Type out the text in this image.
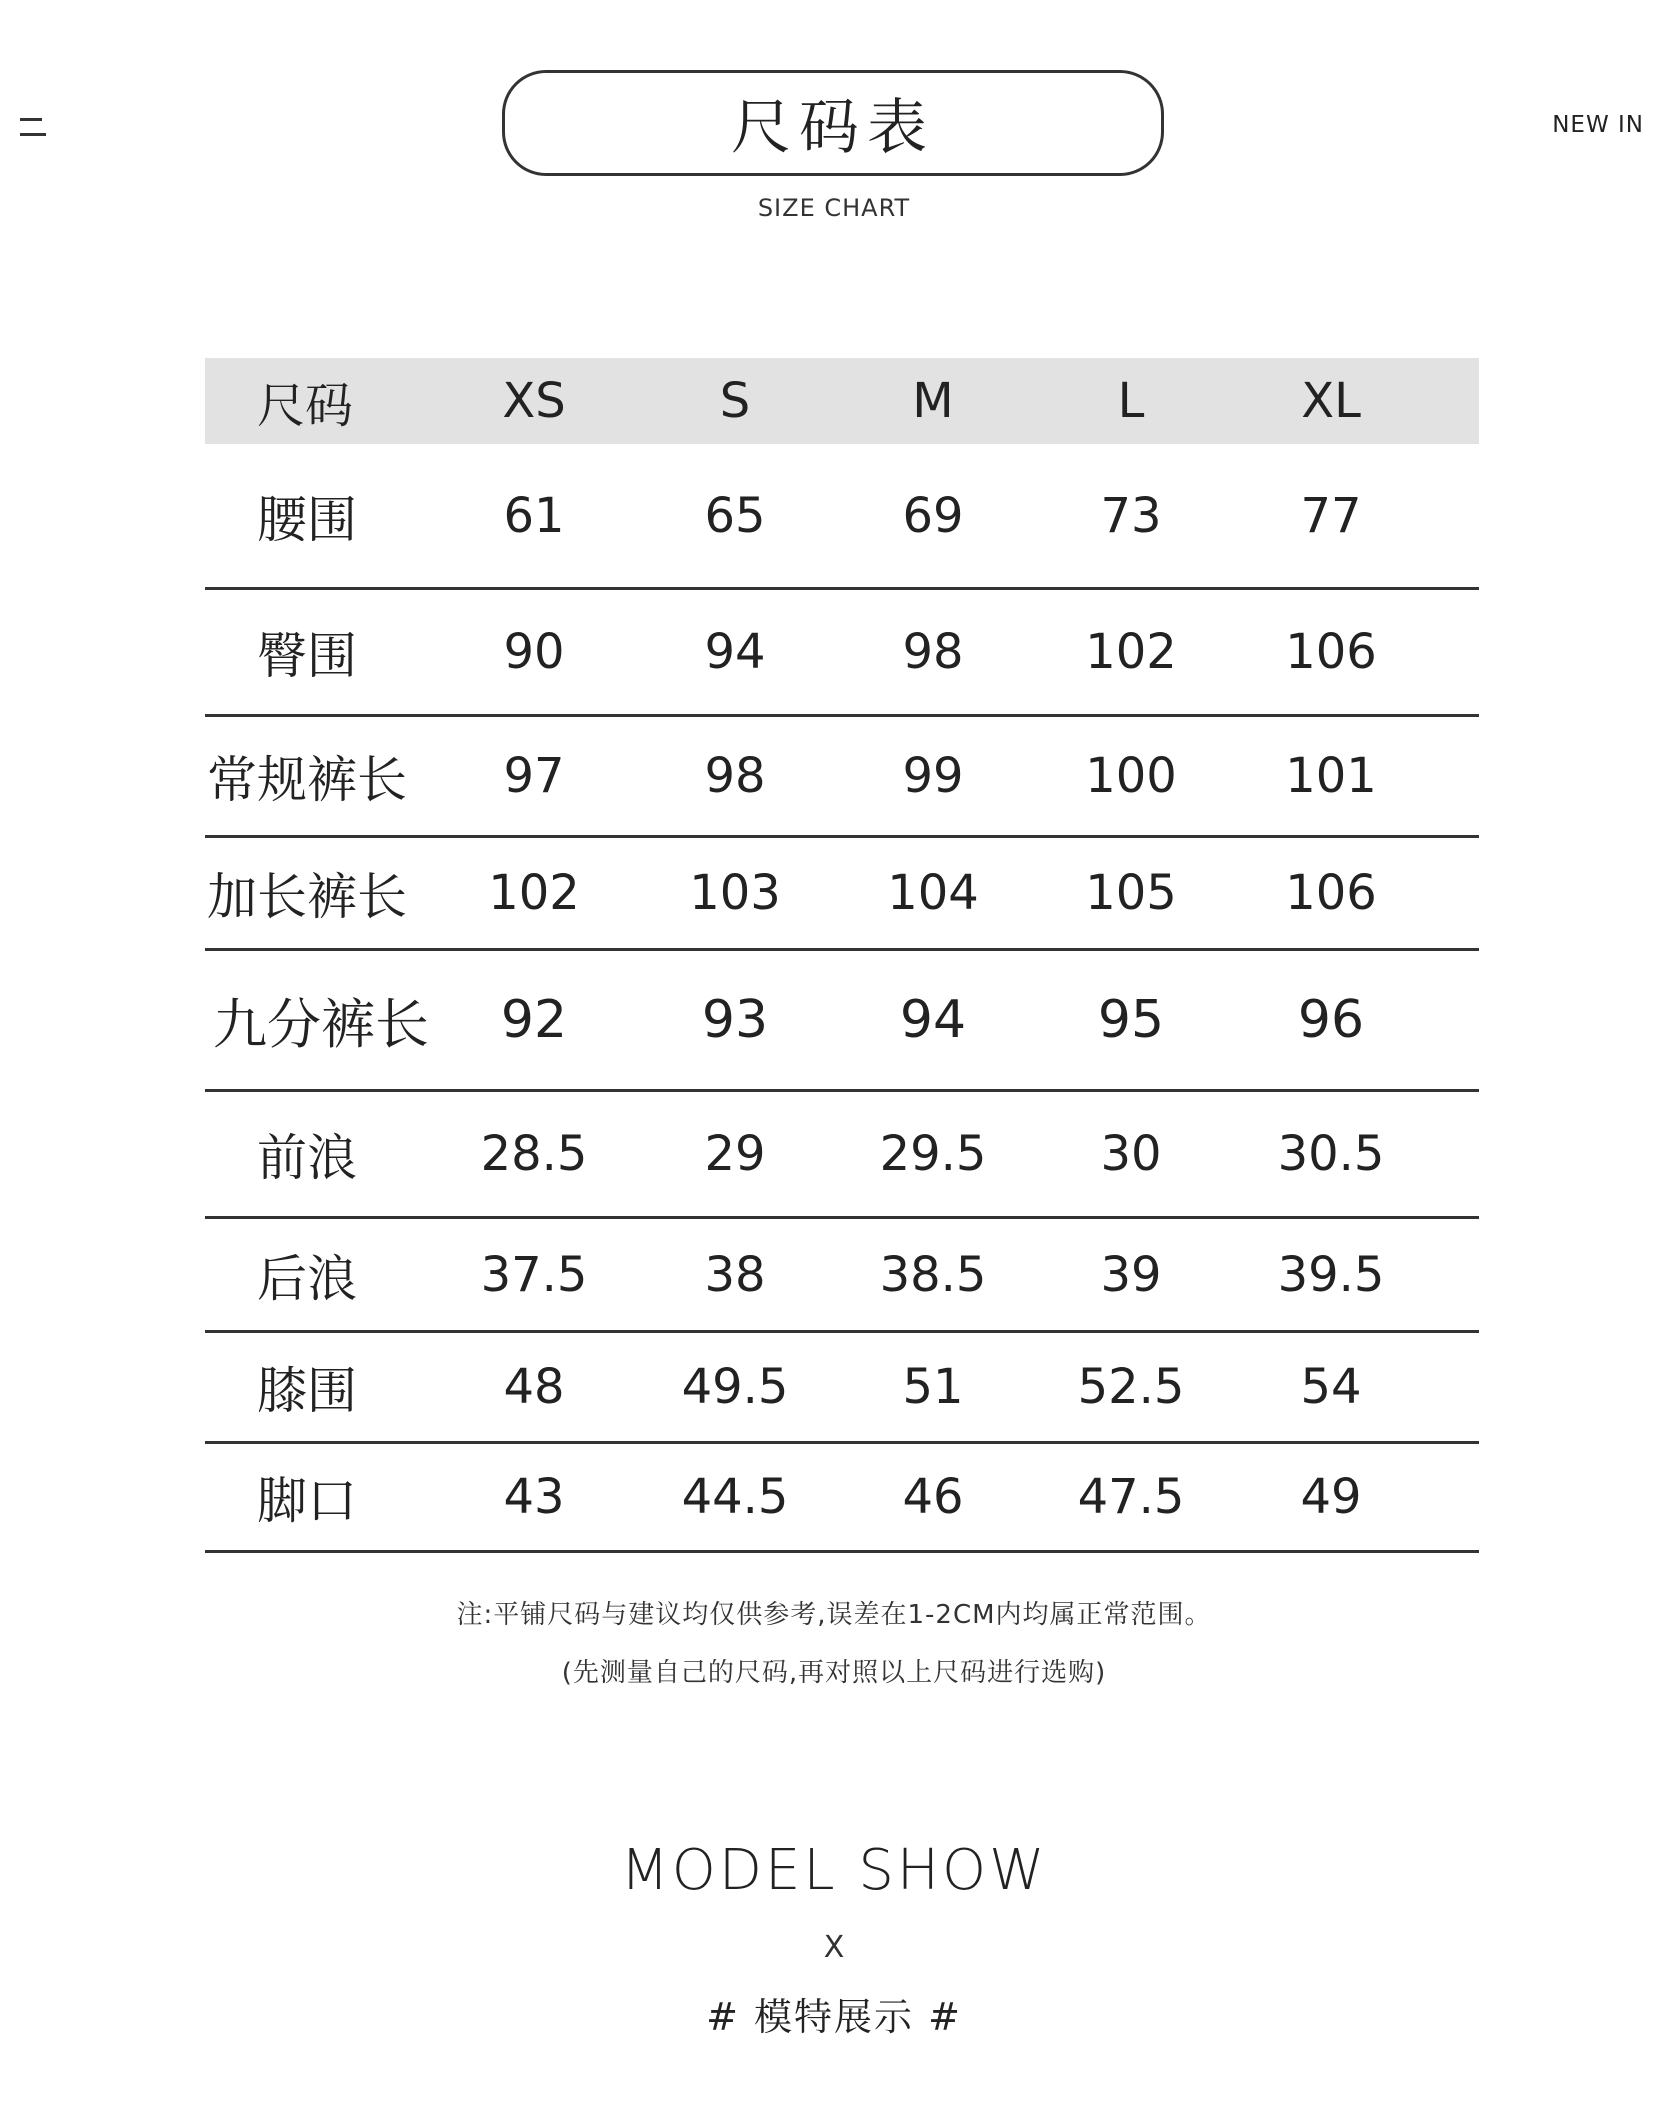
NEW IN
尺码表
SIZE CHART
尺码	XS	S	M	L	XL
腰围	61	65	69	73	77
臀围	90	94	98	102	106
常规裤长	97	98	99	100	101
加长裤长	102	103	104	105	106
九分裤长	92	93	94	95	96
前浪	28.5	29	29.5	30	30.5
后浪	37.5	38	38.5	39	39.5
膝围	48	49.5	51	52.5	54
脚口	43	44.5	46	47.5	49
注:平铺尺码与建议均仅供参考,误差在1-2CM内均属正常范围。
(先测量自己的尺码,再对照以上尺码进行选购)
MODEL SHOW
X
# 模特展示 #
